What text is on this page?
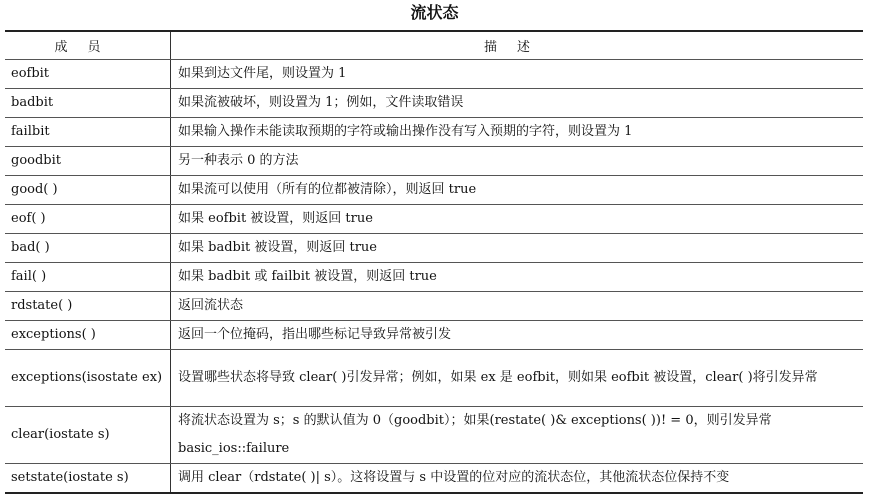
流状态
成员	描述
eofbit	如果到达文件尾，则设置为 1
badbit	如果流被破坏，则设置为 1；例如，文件读取错误
failbit	如果输入操作未能读取预期的字符或输出操作没有写入预期的字符，则设置为 1
goodbit	另一种表示 0 的方法
good( )	如果流可以使用（所有的位都被清除），则返回 true
eof( )	如果 eofbit 被设置，则返回 true
bad( )	如果 badbit 被设置，则返回 true
fail( )	如果 badbit 或 failbit 被设置，则返回 true
rdstate( )	返回流状态
exceptions( )	返回一个位掩码，指出哪些标记导致异常被引发
exceptions(isostate ex)	设置哪些状态将导致 clear( )引发异常；例如，如果 ex 是 eofbit，则如果 eofbit 被设置，clear( )将引发异常
clear(iostate s)	将流状态设置为 s；s 的默认值为 0（goodbit）；如果(restate( )& exceptions( ))! = 0，则引发异常 basic_ios::failure
setstate(iostate s)	调用 clear（rdstate( )| s）。这将设置与 s 中设置的位对应的流状态位，其他流状态位保持不变
